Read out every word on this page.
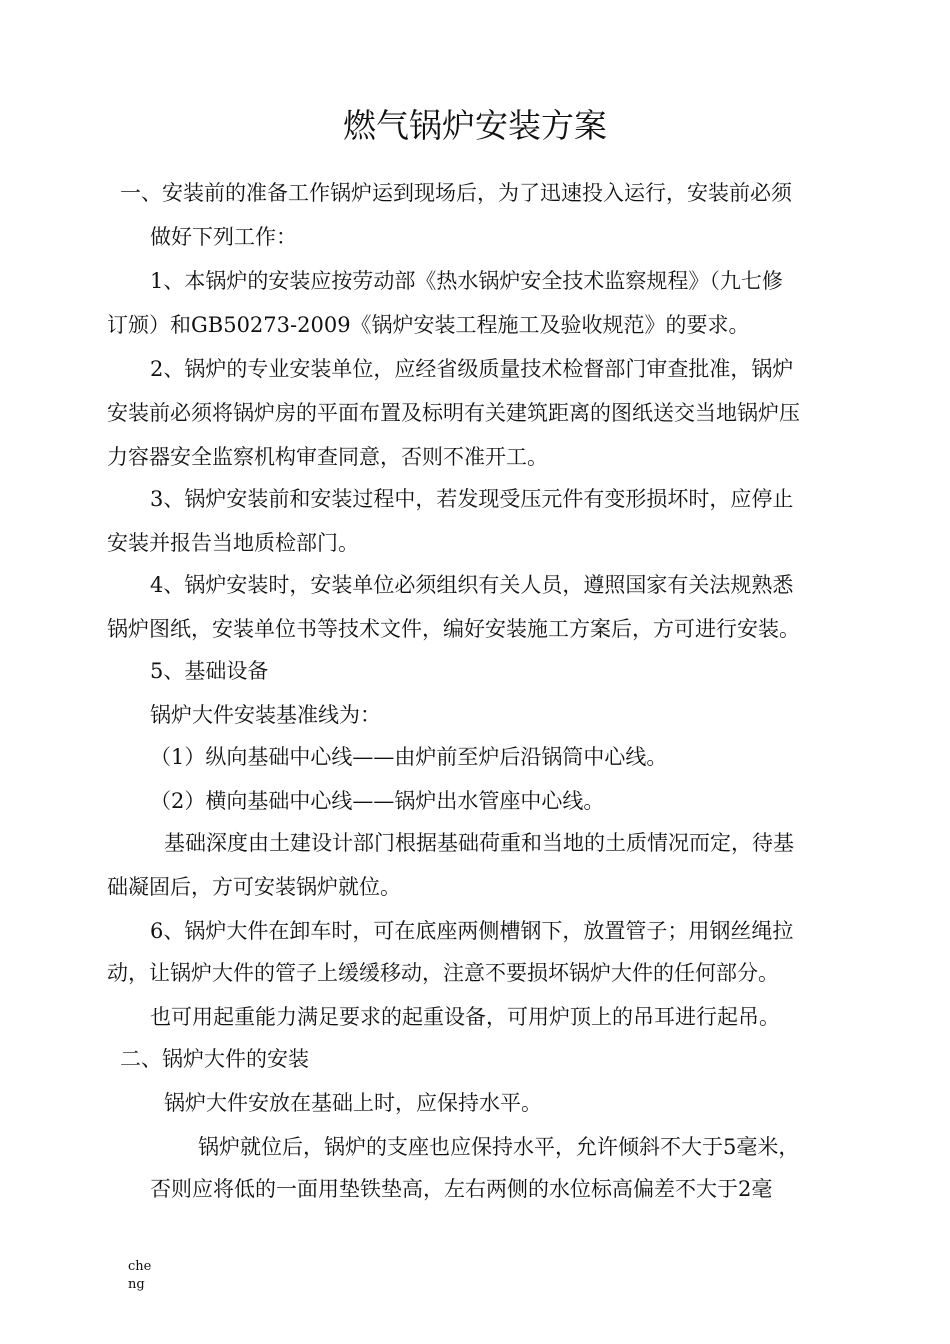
燃气锅炉安装方案
一、安装前的准备工作锅炉运到现场后，为了迅速投入运行，安装前必须
做好下列工作：
1、本锅炉的安装应按劳动部《热水锅炉安全技术监察规程》（九七修
订颁）和GB50273-2009《锅炉安装工程施工及验收规范》的要求。
2、锅炉的专业安装单位，应经省级质量技术检督部门审查批准，锅炉
安装前必须将锅炉房的平面布置及标明有关建筑距离的图纸送交当地锅炉压
力容器安全监察机构审查同意，否则不准开工。
3、锅炉安装前和安装过程中，若发现受压元件有变形损坏时，应停止
安装并报告当地质检部门。
4、锅炉安装时，安装单位必须组织有关人员，遵照国家有关法规熟悉
锅炉图纸，安装单位书等技术文件，编好安装施工方案后，方可进行安装。
5、基础设备
锅炉大件安装基准线为：
（1）纵向基础中心线——由炉前至炉后沿锅筒中心线。
（2）横向基础中心线——锅炉出水管座中心线。
基础深度由土建设计部门根据基础荷重和当地的土质情况而定，待基
础凝固后，方可安装锅炉就位。
6、锅炉大件在卸车时，可在底座两侧槽钢下，放置管子；用钢丝绳拉
动，让锅炉大件的管子上缓缓移动，注意不要损坏锅炉大件的任何部分。
也可用起重能力满足要求的起重设备，可用炉顶上的吊耳进行起吊。
二、锅炉大件的安装
锅炉大件安放在基础上时，应保持水平。
锅炉就位后，锅炉的支座也应保持水平，允许倾斜不大于5毫米，
否则应将低的一面用垫铁垫高，左右两侧的水位标高偏差不大于2毫
cheng
